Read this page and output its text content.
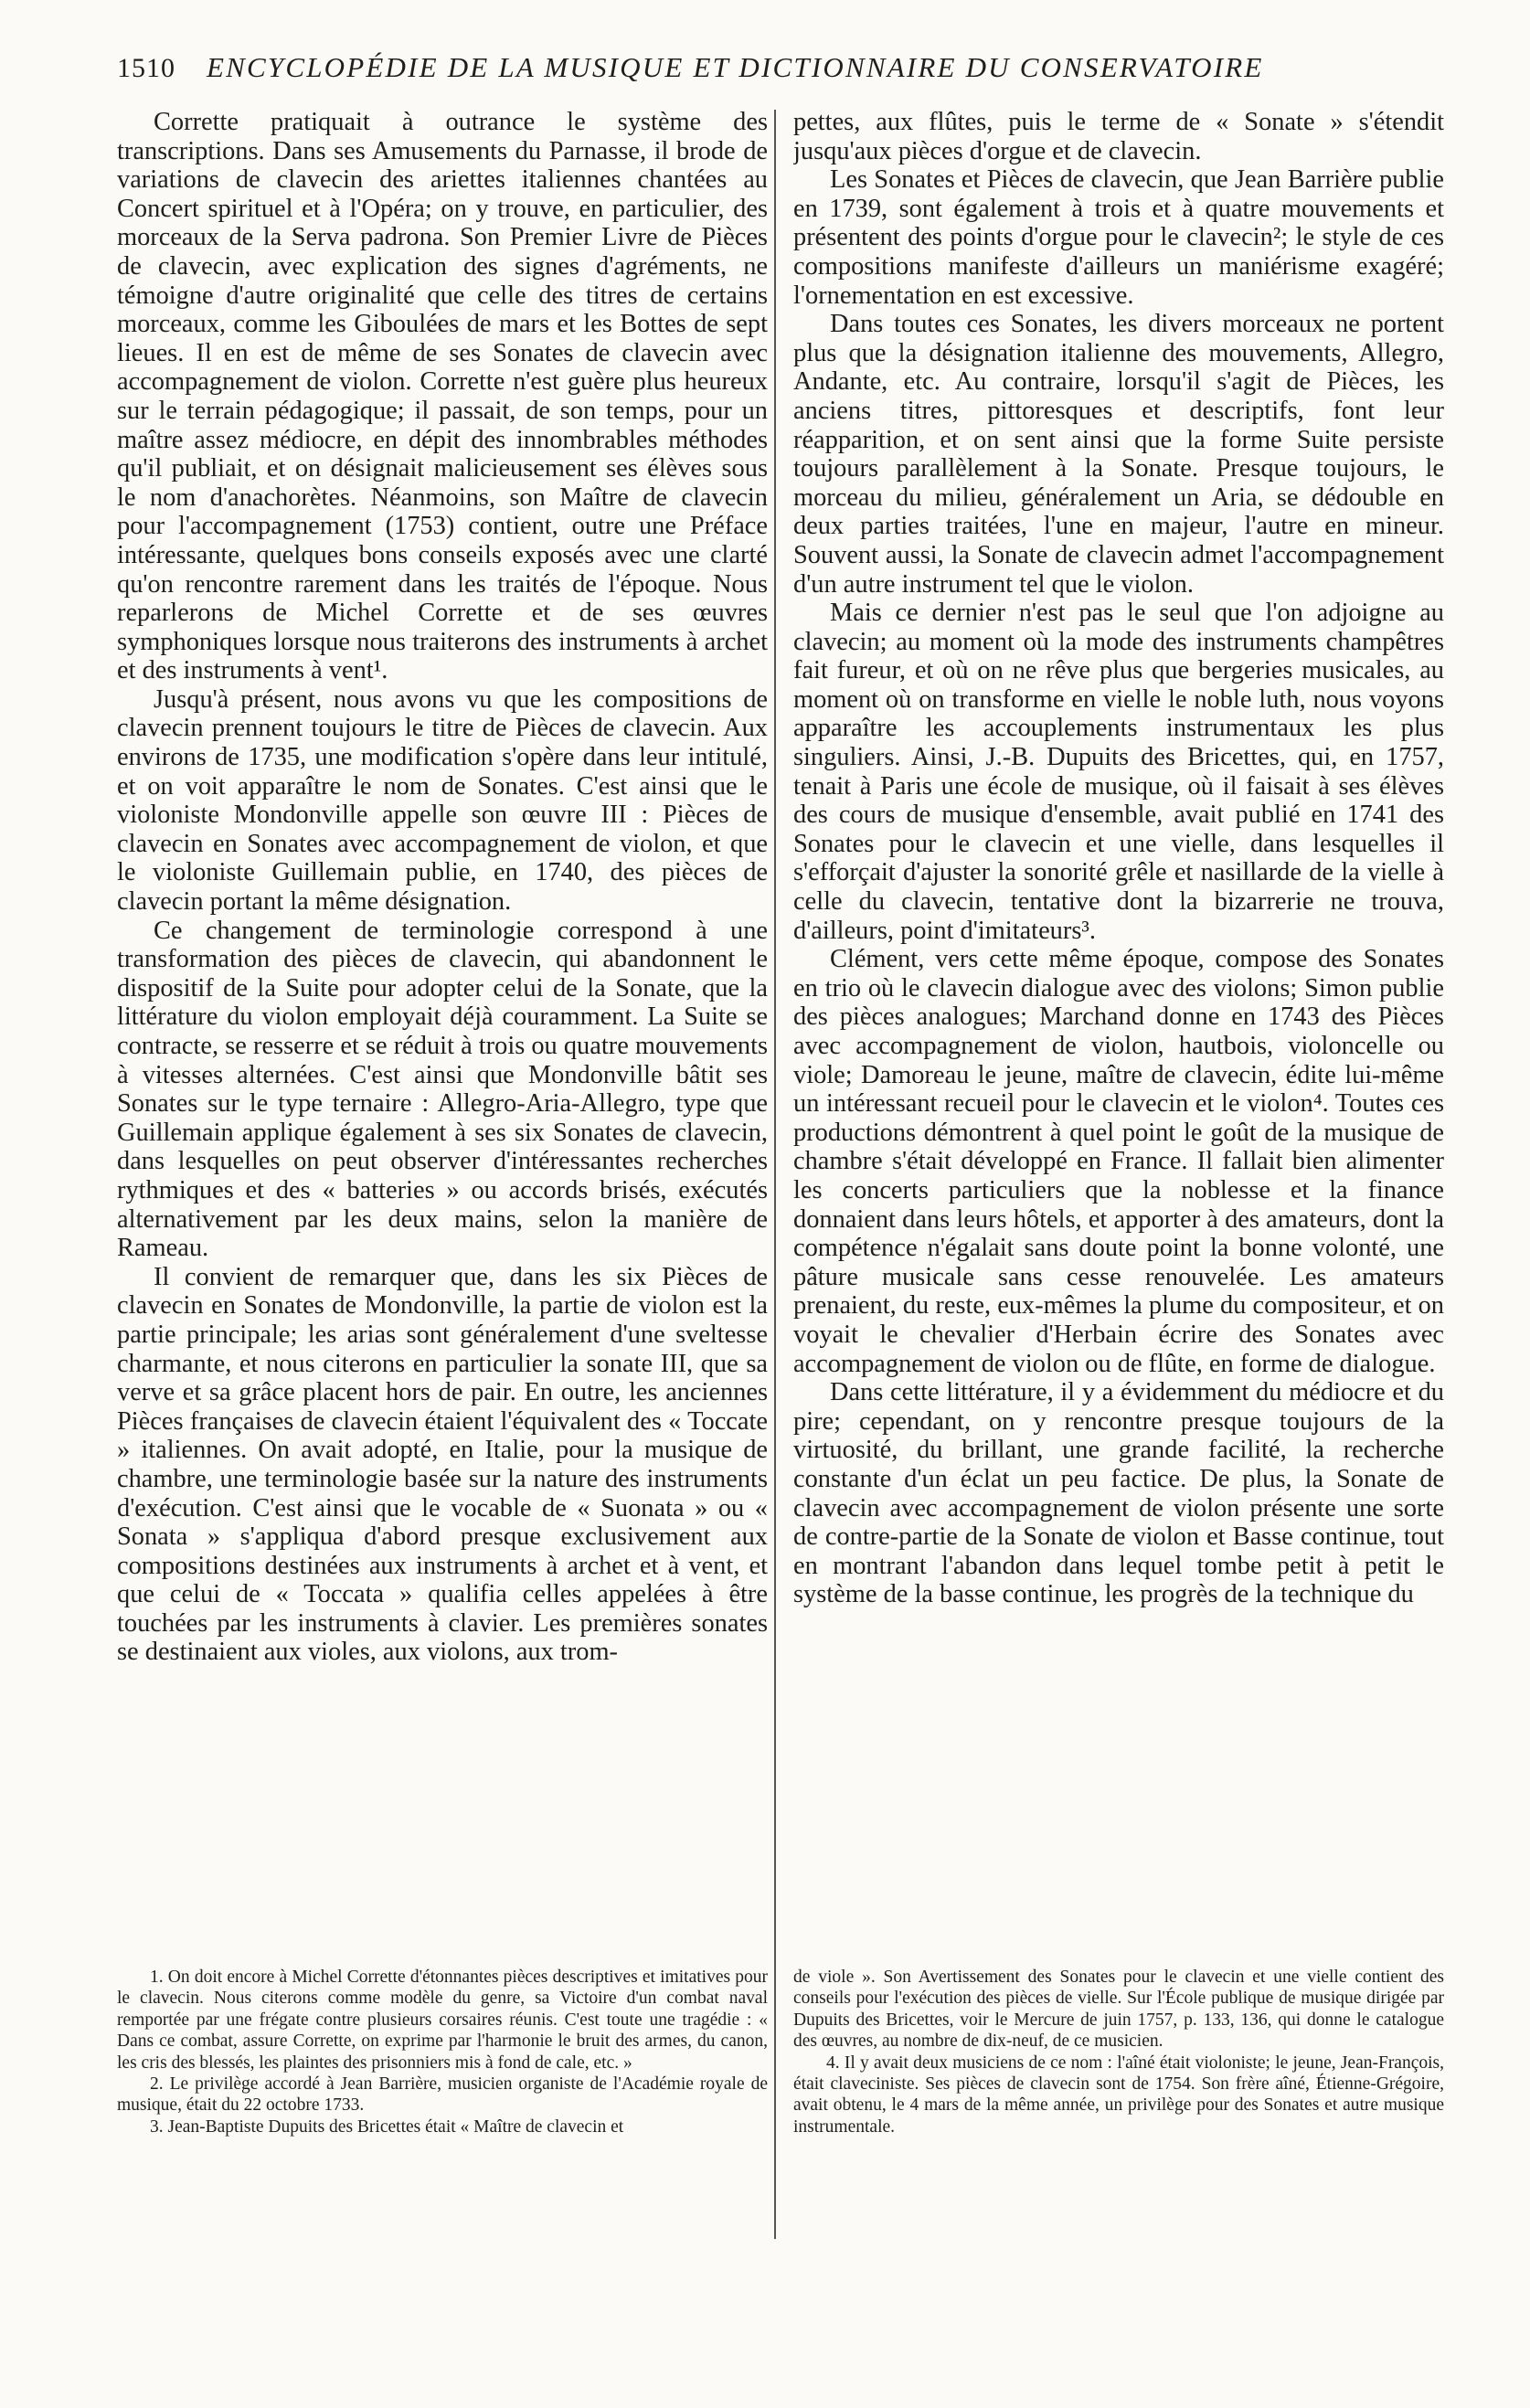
1510 ENCYCLOPÉDIE DE LA MUSIQUE ET DICTIONNAIRE DU CONSERVATOIRE

Corrette pratiquait à outrance le système des transcriptions. Dans ses Amusements du Parnasse, il brode de variations de clavecin des ariettes italiennes chantées au Concert spirituel et à l'Opéra; on y trouve, en particulier, des morceaux de la Serva padrona. Son Premier Livre de Pièces de clavecin, avec explication des signes d'agréments, ne témoigne d'autre originalité que celle des titres de certains morceaux, comme les Giboulées de mars et les Bottes de sept lieues. Il en est de même de ses Sonates de clavecin avec accompagnement de violon. Corrette n'est guère plus heureux sur le terrain pédagogique; il passait, de son temps, pour un maître assez médiocre, en dépit des innombrables méthodes qu'il publiait, et on désignait malicieusement ses élèves sous le nom d'anachorètes. Néanmoins, son Maître de clavecin pour l'accompagnement (1753) contient, outre une Préface intéressante, quelques bons conseils exposés avec une clarté qu'on rencontre rarement dans les traités de l'époque. Nous reparlerons de Michel Corrette et de ses œuvres symphoniques lorsque nous traiterons des instruments à archet et des instruments à vent¹.

Jusqu'à présent, nous avons vu que les compositions de clavecin prennent toujours le titre de Pièces de clavecin. Aux environs de 1735, une modification s'opère dans leur intitulé, et on voit apparaître le nom de Sonates. C'est ainsi que le violoniste Mondonville appelle son œuvre III : Pièces de clavecin en Sonates avec accompagnement de violon, et que le violoniste Guillemain publie, en 1740, des pièces de clavecin portant la même désignation.

Ce changement de terminologie correspond à une transformation des pièces de clavecin, qui abandonnent le dispositif de la Suite pour adopter celui de la Sonate, que la littérature du violon employait déjà couramment. La Suite se contracte, se resserre et se réduit à trois ou quatre mouvements à vitesses alternées. C'est ainsi que Mondonville bâtit ses Sonates sur le type ternaire : Allegro-Aria-Allegro, type que Guillemain applique également à ses six Sonates de clavecin, dans lesquelles on peut observer d'intéressantes recherches rythmiques et des « batteries » ou accords brisés, exécutés alternativement par les deux mains, selon la manière de Rameau.

Il convient de remarquer que, dans les six Pièces de clavecin en Sonates de Mondonville, la partie de violon est la partie principale; les arias sont généralement d'une sveltesse charmante, et nous citerons en particulier la sonate III, que sa verve et sa grâce placent hors de pair. En outre, les anciennes Pièces françaises de clavecin étaient l'équivalent des « Toccate » italiennes. On avait adopté, en Italie, pour la musique de chambre, une terminologie basée sur la nature des instruments d'exécution. C'est ainsi que le vocable de « Suonata » ou « Sonata » s'appliqua d'abord presque exclusivement aux compositions destinées aux instruments à archet et à vent, et que celui de « Toccata » qualifia celles appelées à être touchées par les instruments à clavier. Les premières sonates se destinaient aux violes, aux violons, aux trom-

pettes, aux flûtes, puis le terme de « Sonate » s'étendit jusqu'aux pièces d'orgue et de clavecin.

Les Sonates et Pièces de clavecin, que Jean Barrière publie en 1739, sont également à trois et à quatre mouvements et présentent des points d'orgue pour le clavecin²; le style de ces compositions manifeste d'ailleurs un maniérisme exagéré; l'ornementation en est excessive.

Dans toutes ces Sonates, les divers morceaux ne portent plus que la désignation italienne des mouvements, Allegro, Andante, etc. Au contraire, lorsqu'il s'agit de Pièces, les anciens titres, pittoresques et descriptifs, font leur réapparition, et on sent ainsi que la forme Suite persiste toujours parallèlement à la Sonate. Presque toujours, le morceau du milieu, généralement un Aria, se dédouble en deux parties traitées, l'une en majeur, l'autre en mineur. Souvent aussi, la Sonate de clavecin admet l'accompagnement d'un autre instrument tel que le violon.

Mais ce dernier n'est pas le seul que l'on adjoigne au clavecin; au moment où la mode des instruments champêtres fait fureur, et où on ne rêve plus que bergeries musicales, au moment où on transforme en vielle le noble luth, nous voyons apparaître les accouplements instrumentaux les plus singuliers. Ainsi, J.-B. Dupuits des Bricettes, qui, en 1757, tenait à Paris une école de musique, où il faisait à ses élèves des cours de musique d'ensemble, avait publié en 1741 des Sonates pour le clavecin et une vielle, dans lesquelles il s'efforçait d'ajuster la sonorité grêle et nasillarde de la vielle à celle du clavecin, tentative dont la bizarrerie ne trouva, d'ailleurs, point d'imitateurs³.

Clément, vers cette même époque, compose des Sonates en trio où le clavecin dialogue avec des violons; Simon publie des pièces analogues; Marchand donne en 1743 des Pièces avec accompagnement de violon, hautbois, violoncelle ou viole; Damoreau le jeune, maître de clavecin, édite lui-même un intéressant recueil pour le clavecin et le violon⁴. Toutes ces productions démontrent à quel point le goût de la musique de chambre s'était développé en France. Il fallait bien alimenter les concerts particuliers que la noblesse et la finance donnaient dans leurs hôtels, et apporter à des amateurs, dont la compétence n'égalait sans doute point la bonne volonté, une pâture musicale sans cesse renouvelée. Les amateurs prenaient, du reste, eux-mêmes la plume du compositeur, et on voyait le chevalier d'Herbain écrire des Sonates avec accompagnement de violon ou de flûte, en forme de dialogue.

Dans cette littérature, il y a évidemment du médiocre et du pire; cependant, on y rencontre presque toujours de la virtuosité, du brillant, une grande facilité, la recherche constante d'un éclat un peu factice. De plus, la Sonate de clavecin avec accompagnement de violon présente une sorte de contre-partie de la Sonate de violon et Basse continue, tout en montrant l'abandon dans lequel tombe petit à petit le système de la basse continue, les progrès de la technique du

1. On doit encore à Michel Corrette d'étonnantes pièces descriptives et imitatives pour le clavecin. Nous citerons comme modèle du genre, sa Victoire d'un combat naval remportée par une frégate contre plusieurs corsaires réunis. C'est toute une tragédie : « Dans ce combat, assure Corrette, on exprime par l'harmonie le bruit des armes, du canon, les cris des blessés, les plaintes des prisonniers mis à fond de cale, etc. »

2. Le privilège accordé à Jean Barrière, musicien organiste de l'Académie royale de musique, était du 22 octobre 1733.

3. Jean-Baptiste Dupuits des Bricettes était « Maître de clavecin et

de viole ». Son Avertissement des Sonates pour le clavecin et une vielle contient des conseils pour l'exécution des pièces de vielle. Sur l'École publique de musique dirigée par Dupuits des Bricettes, voir le Mercure de juin 1757, p. 133, 136, qui donne le catalogue des œuvres, au nombre de dix-neuf, de ce musicien.

4. Il y avait deux musiciens de ce nom : l'aîné était violoniste; le jeune, Jean-François, était claveciniste. Ses pièces de clavecin sont de 1754. Son frère aîné, Étienne-Grégoire, avait obtenu, le 4 mars de la même année, un privilège pour des Sonates et autre musique instrumentale.
